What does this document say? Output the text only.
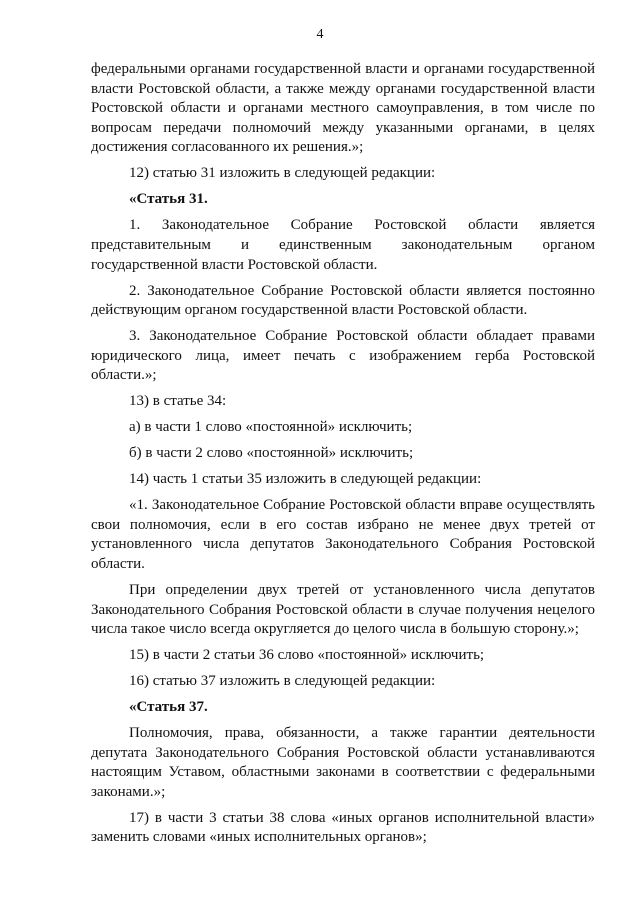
4

федеральными органами государственной власти и органами государственной власти Ростовской области, а также между органами государственной власти Ростовской области и органами местного самоуправления, в том числе по вопросам передачи полномочий между указанными органами, в целях достижения согласованного их решения.»;

12) статью 31 изложить в следующей редакции:

«Статья 31.

1. Законодательное Собрание Ростовской области является представительным и единственным законодательным органом государственной власти Ростовской области.

2. Законодательное Собрание Ростовской области является постоянно действующим органом государственной власти Ростовской области.

3. Законодательное Собрание Ростовской области обладает правами юридического лица, имеет печать с изображением герба Ростовской области.»;

13) в статье 34:

а) в части 1 слово «постоянной» исключить;

б) в части 2 слово «постоянной» исключить;

14) часть 1 статьи 35 изложить в следующей редакции:

«1. Законодательное Собрание Ростовской области вправе осуществлять свои полномочия, если в его состав избрано не менее двух третей от установленного числа депутатов Законодательного Собрания Ростовской области.

При определении двух третей от установленного числа депутатов Законодательного Собрания Ростовской области в случае получения нецелого числа такое число всегда округляется до целого числа в большую сторону.»;

15) в части 2 статьи 36 слово «постоянной» исключить;

16) статью 37 изложить в следующей редакции:

«Статья 37.

Полномочия, права, обязанности, а также гарантии деятельности депутата Законодательного Собрания Ростовской области устанавливаются настоящим Уставом, областными законами в соответствии с федеральными законами.»;

17) в части 3 статьи 38 слова «иных органов исполнительной власти» заменить словами «иных исполнительных органов»;
